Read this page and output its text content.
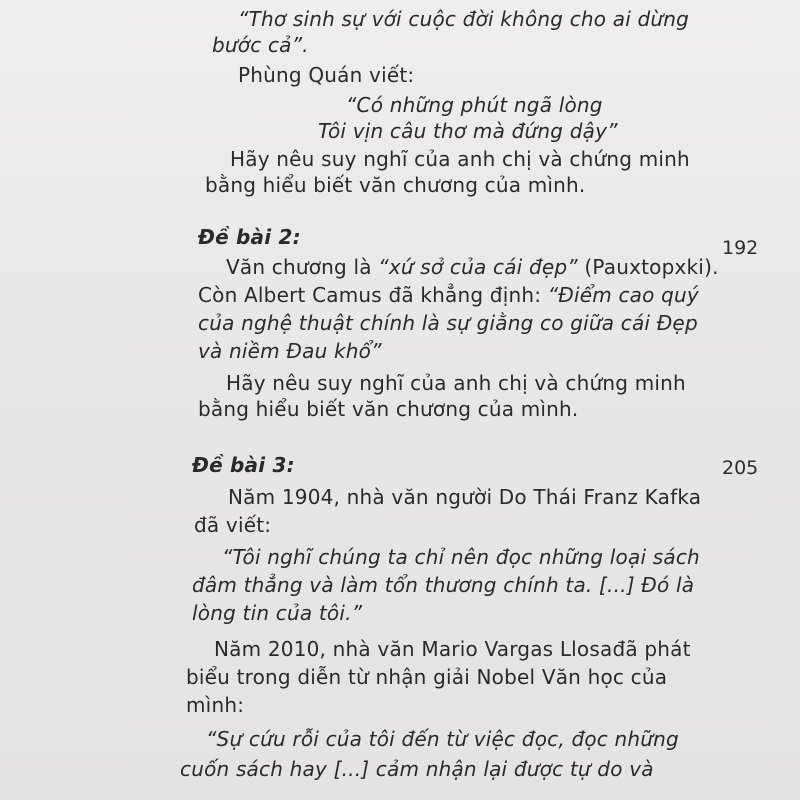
“Thơ sinh sự với cuộc đời không cho ai dừng
bước cả”.
Phùng Quán viết:
“Có những phút ngã lòng
Tôi vịn câu thơ mà đứng dậy”
Hãy nêu suy nghĩ của anh chị và chứng minh
bằng hiểu biết văn chương của mình.
Đề bài 2:	192
Văn chương là “xứ sở của cái đẹp” (Pauxtopxki).
Còn Albert Camus đã khẳng định: “Điểm cao quý
của nghệ thuật chính là sự giằng co giữa cái Đẹp
và niềm Đau khổ”
Hãy nêu suy nghĩ của anh chị và chứng minh
bằng hiểu biết văn chương của mình.
Đề bài 3:	205
Năm 1904, nhà văn người Do Thái Franz Kafka
đã viết:
“Tôi nghĩ chúng ta chỉ nên đọc những loại sách
đâm thẳng và làm tổn thương chính ta. [...] Đó là
lòng tin của tôi.”
Năm 2010, nhà văn Mario Vargas Llosađã phát
biểu trong diễn từ nhận giải Nobel Văn học của
mình:
“Sự cứu rỗi của tôi đến từ việc đọc, đọc những
cuốn sách hay [...] cảm nhận lại được tự do và
